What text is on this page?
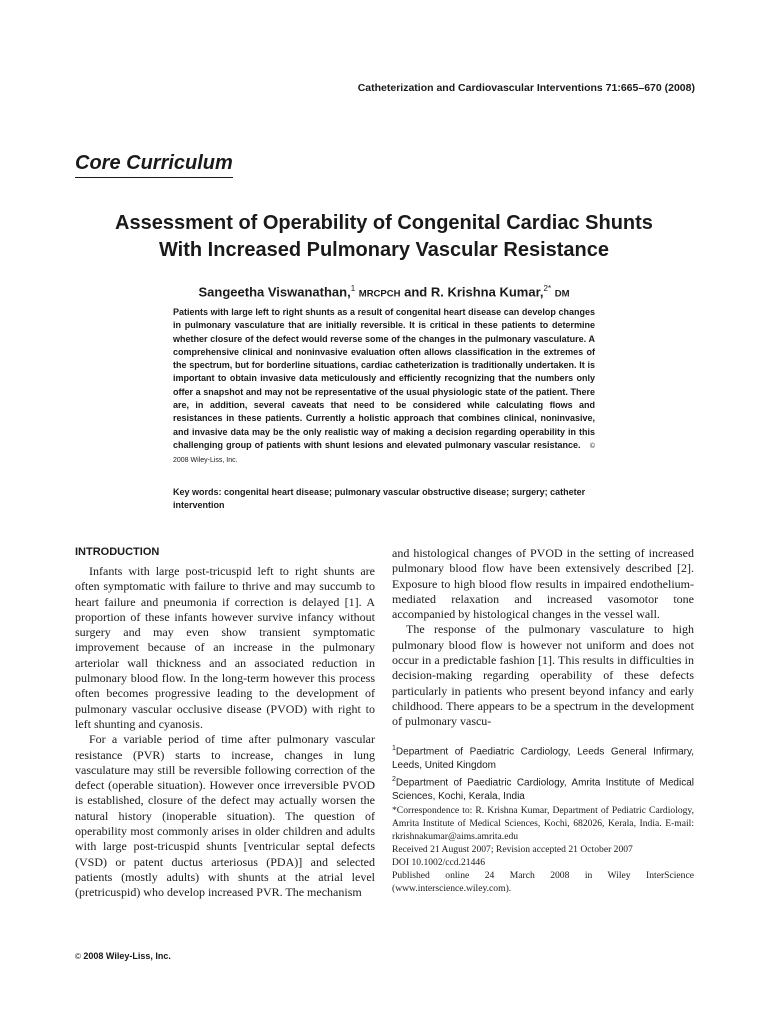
Catheterization and Cardiovascular Interventions 71:665–670 (2008)
Core Curriculum
Assessment of Operability of Congenital Cardiac Shunts
With Increased Pulmonary Vascular Resistance
Sangeetha Viswanathan,$^1$ MRCPCH and R. Krishna Kumar,$^{2*}$ DM
Patients with large left to right shunts as a result of congenital heart disease can develop changes in pulmonary vasculature that are initially reversible. It is critical in these patients to determine whether closure of the defect would reverse some of the changes in the pulmonary vasculature. A comprehensive clinical and noninvasive evaluation often allows classification in the extremes of the spectrum, but for borderline situations, cardiac catheterization is traditionally undertaken. It is important to obtain invasive data meticulously and efficiently recognizing that the numbers only offer a snapshot and may not be representative of the usual physiologic state of the patient. There are, in addition, several caveats that need to be considered while calculating flows and resistances in these patients. Currently a holistic approach that combines clinical, noninvasive, and invasive data may be the only realistic way of making a decision regarding operability in this challenging group of patients with shunt lesions and elevated pulmonary vascular resistance. © 2008 Wiley-Liss, Inc.
Key words: congenital heart disease; pulmonary vascular obstructive disease; surgery; catheter intervention
INTRODUCTION

Infants with large post-tricuspid left to right shunts are often symptomatic with failure to thrive and may succumb to heart failure and pneumonia if correction is delayed [1]. A proportion of these infants however survive infancy without surgery and may even show transient symptomatic improvement because of an increase in the pulmonary arteriolar wall thickness and an associated reduction in pulmonary blood flow. In the long-term however this process often becomes progressive leading to the development of pulmonary vascular occlusive disease (PVOD) with right to left shunting and cyanosis.

For a variable period of time after pulmonary vascular resistance (PVR) starts to increase, changes in lung vasculature may still be reversible following correction of the defect (operable situation). However once irreversible PVOD is established, closure of the defect may actually worsen the natural history (inoperable situation). The question of operability most commonly arises in older children and adults with large post-tricuspid shunts [ventricular septal defects (VSD) or patent ductus arteriosus (PDA)] and selected patients (mostly adults) with shunts at the atrial level (pretricuspid) who develop increased PVR. The mechanism

and histological changes of PVOD in the setting of increased pulmonary blood flow have been extensively described [2]. Exposure to high blood flow results in impaired endothelium-mediated relaxation and increased vasomotor tone accompanied by histological changes in the vessel wall.

The response of the pulmonary vasculature to high pulmonary blood flow is however not uniform and does not occur in a predictable fashion [1]. This results in difficulties in decision-making regarding operability of these defects particularly in patients who present beyond infancy and early childhood. There appears to be a spectrum in the development of pulmonary vascu-

$^1$Department of Paediatric Cardiology, Leeds General Infirmary, Leeds, United Kingdom

$^2$Department of Paediatric Cardiology, Amrita Institute of Medical Sciences, Kochi, Kerala, India

*Correspondence to: R. Krishna Kumar, Department of Pediatric Cardiology, Amrita Institute of Medical Sciences, Kochi, 682026, Kerala, India. E-mail: rkrishnakumar@aims.amrita.edu

Received 21 August 2007; Revision accepted 21 October 2007

DOI 10.1002/ccd.21446

Published online 24 March 2008 in Wiley InterScience (www.interscience.wiley.com).

© 2008 Wiley-Liss, Inc.
